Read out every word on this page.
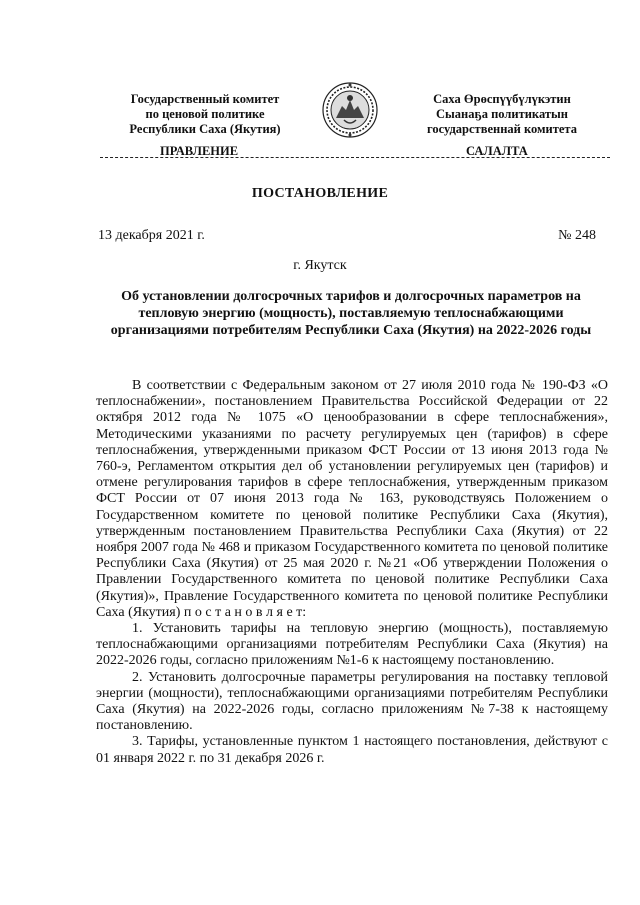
Государственный комитет
по ценовой политике
Республики Саха (Якутия)
Саха Өрөспүүбүлүкэтин
Сыанаҕа политикатын
государственнай комитета
ПРАВЛЕНИЕ	САЛАЛТА
ПОСТАНОВЛЕНИЕ
13 декабря 2021 г.	№ 248
г. Якутск
Об установлении долгосрочных тарифов и долгосрочных параметров на тепловую энергию (мощность), поставляемую теплоснабжающими организациями потребителям Республики Саха (Якутия) на 2022-2026 годы

В соответствии с Федеральным законом от 27 июля 2010 года № 190-ФЗ «О теплоснабжении», постановлением Правительства Российской Федерации от 22 октября 2012 года № 1075 «О ценообразовании в сфере теплоснабжения», Методическими указаниями по расчету регулируемых цен (тарифов) в сфере теплоснабжения, утвержденными приказом ФСТ России от 13 июня 2013 года № 760-э, Регламентом открытия дел об установлении регулируемых цен (тарифов) и отмене регулирования тарифов в сфере теплоснабжения, утвержденным приказом ФСТ России от 07 июня 2013 года № 163, руководствуясь Положением о Государственном комитете по ценовой политике Республики Саха (Якутия), утвержденным постановлением Правительства Республики Саха (Якутия) от 22 ноября 2007 года № 468 и приказом Государственного комитета по ценовой политике Республики Саха (Якутия) от 25 мая 2020 г. №21 «Об утверждении Положения о Правлении Государственного комитета по ценовой политике Республики Саха (Якутия)», Правление Государственного комитета по ценовой политике Республики Саха (Якутия) п о с т а н о в л я е т:

1. Установить тарифы на тепловую энергию (мощность), поставляемую теплоснабжающими организациями потребителям Республики Саха (Якутия) на 2022-2026 годы, согласно приложениям №1-6 к настоящему постановлению.

2. Установить долгосрочные параметры регулирования на поставку тепловой энергии (мощности), теплоснабжающими организациями потребителям Республики Саха (Якутия) на 2022-2026 годы, согласно приложениям №7-38 к настоящему постановлению.

3. Тарифы, установленные пунктом 1 настоящего постановления, действуют с 01 января 2022 г. по 31 декабря 2026 г.
